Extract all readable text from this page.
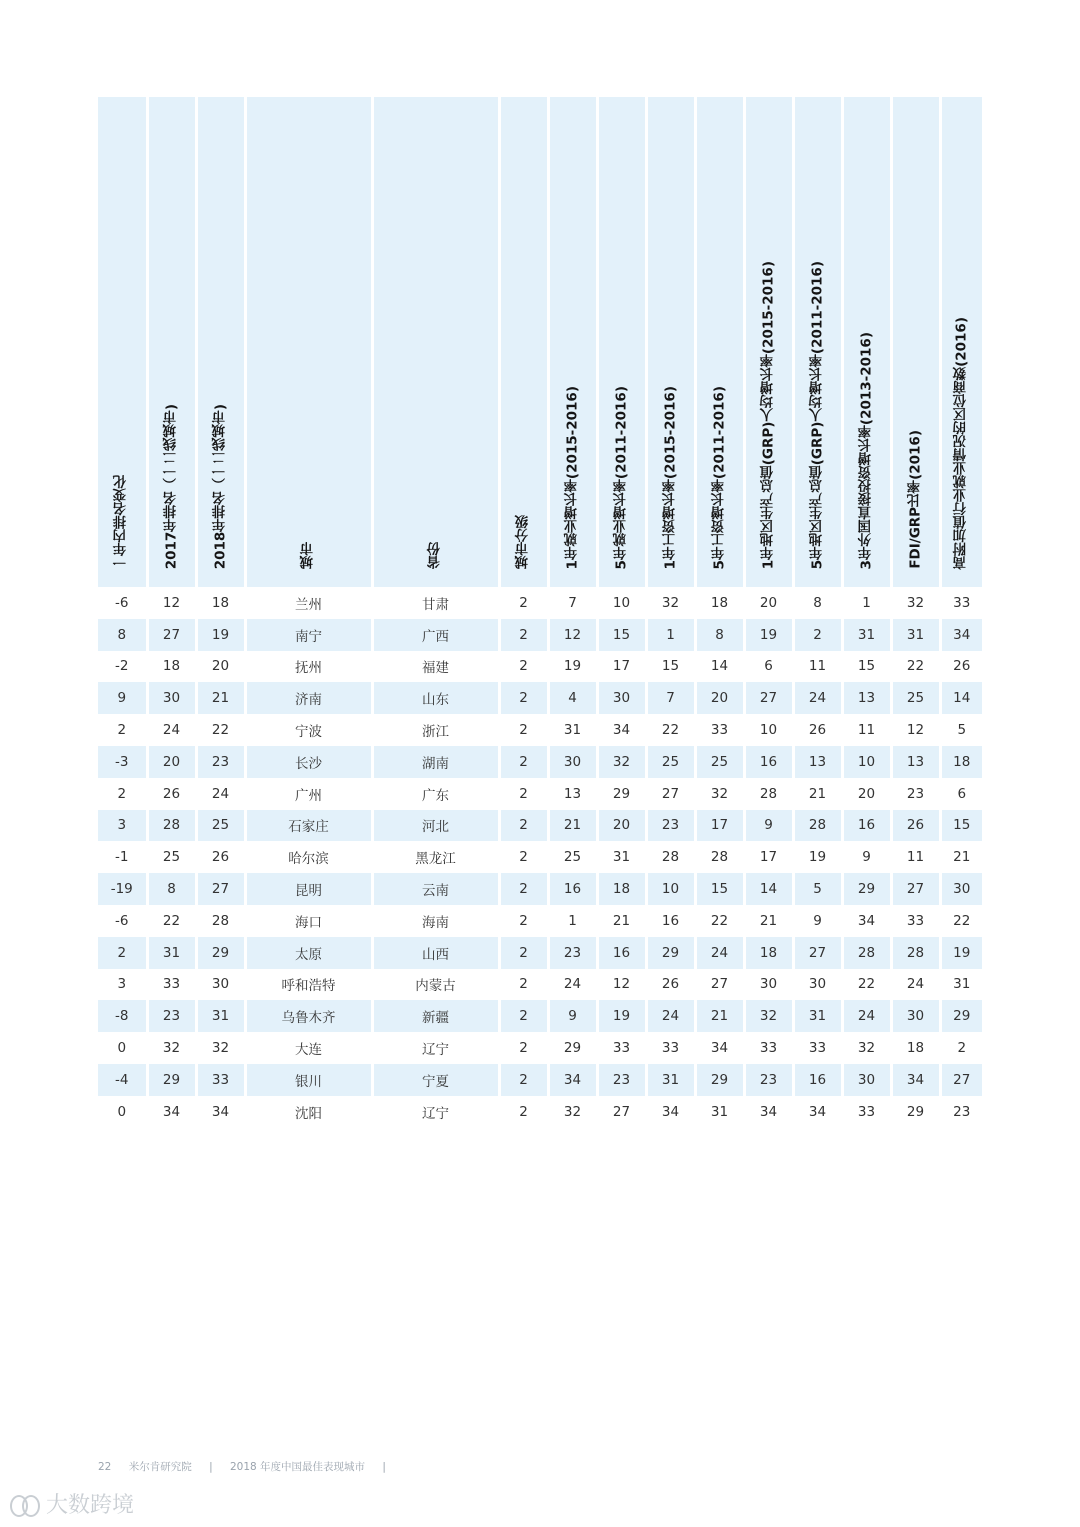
一年内排名变化	2017年排名（一二线城市)	2018年排名（一二线城市)	城市	省份	城市分级	1年就业增长率(2015-2016)	5年就业增长率(2011-2016)	1年工资增长率(2015-2016)	5年工资增长率(2011-2016)	1年地区生产总值(GRP)人均增长率(2015-2016)	5年地区生产总值(GRP)人均增长率(2011-2016)	3年外国直接投资增长率(2013-2016)	FDI/GRP比率(2016)	高附加值行业就业情况的区位商数(2016)

-6	12	18	兰州	甘肃	2	7	10	32	18	20	8	1	32	33
8	27	19	南宁	广西	2	12	15	1	8	19	2	31	31	34
-2	18	20	抚州	福建	2	19	17	15	14	6	11	15	22	26
9	30	21	济南	山东	2	4	30	7	20	27	24	13	25	14
2	24	22	宁波	浙江	2	31	34	22	33	10	26	11	12	5
-3	20	23	长沙	湖南	2	30	32	25	25	16	13	10	13	18
2	26	24	广州	广东	2	13	29	27	32	28	21	20	23	6
3	28	25	石家庄	河北	2	21	20	23	17	9	28	16	26	15
-1	25	26	哈尔滨	黑龙江	2	25	31	28	28	17	19	9	11	21
-19	8	27	昆明	云南	2	16	18	10	15	14	5	29	27	30
-6	22	28	海口	海南	2	1	21	16	22	21	9	34	33	22
2	31	29	太原	山西	2	23	16	29	24	18	27	28	28	19
3	33	30	呼和浩特	内蒙古	2	24	12	26	27	30	30	22	24	31
-8	23	31	乌鲁木齐	新疆	2	9	19	24	21	32	31	24	30	29
0	32	32	大连	辽宁	2	29	33	33	34	33	33	32	18	2
-4	29	33	银川	宁夏	2	34	23	31	29	23	16	30	34	27
0	34	34	沈阳	辽宁	2	32	27	34	31	34	34	33	29	23
22 米尔肯研究院 | 2018 年度中国最佳表现城市 |
大数跨境
